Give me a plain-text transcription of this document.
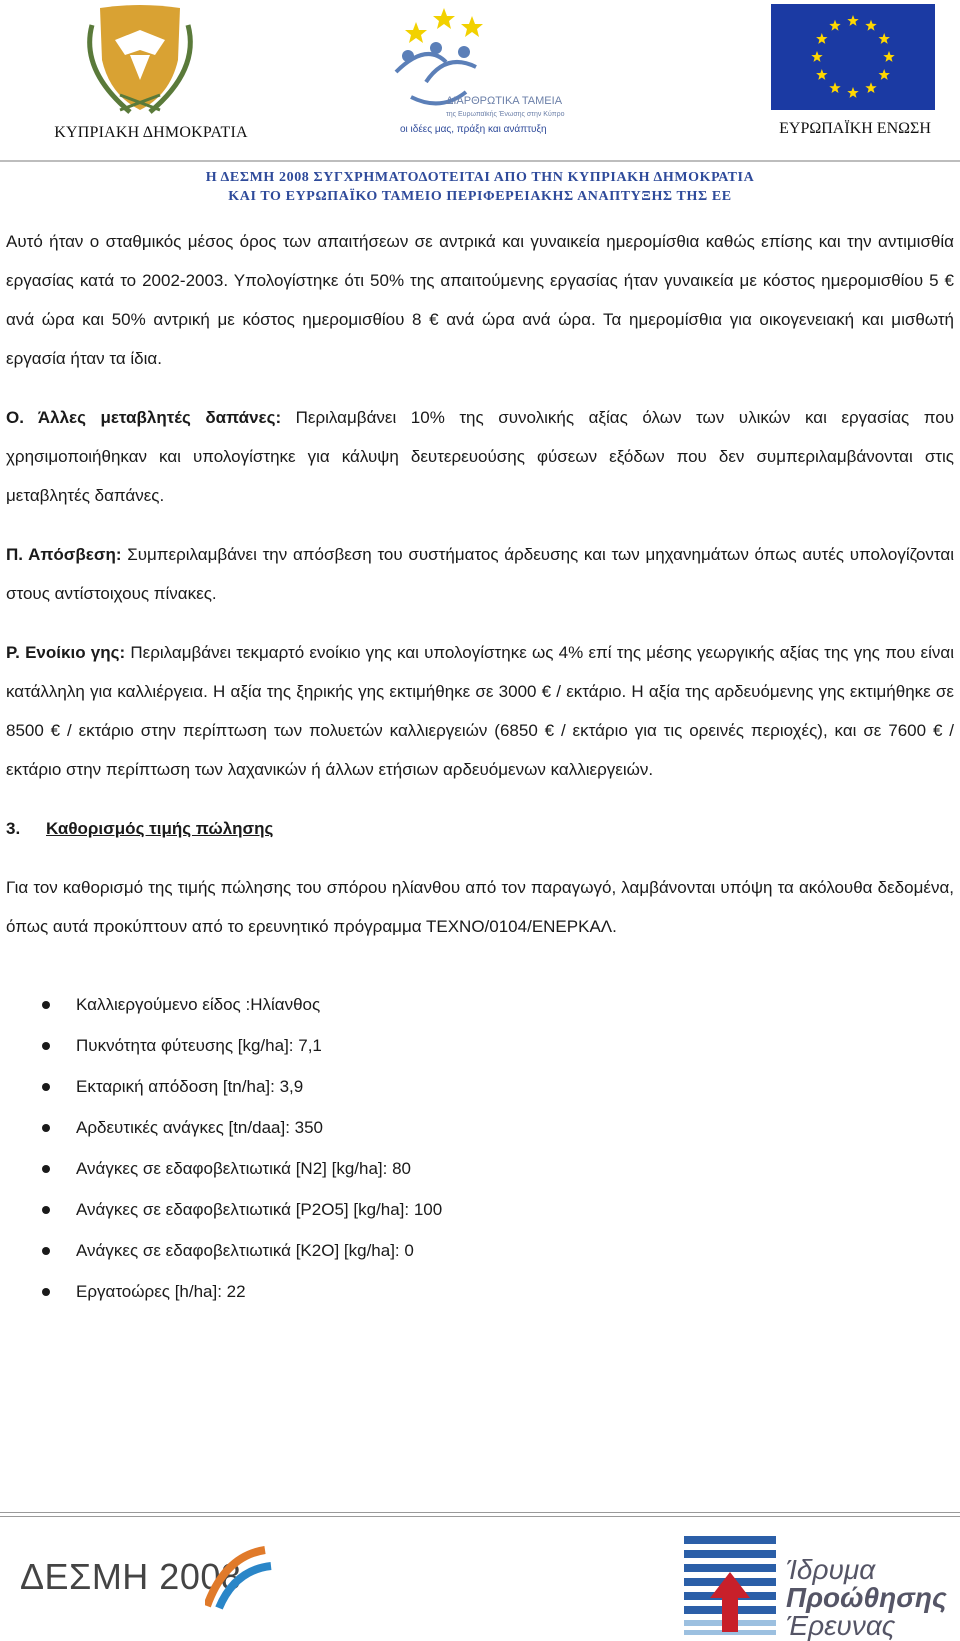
ΚΥΠΡΙΑΚΗ ΔΗΜΟΚΡΑΤΙΑ
ΔΙΑΡΘΡΩΤΙΚΑ ΤΑΜΕΙΑ
της Ευρωπαϊκής Ένωσης στην Κύπρο
οι ιδέες μας, πράξη και ανάπτυξη	ΕΥΡΩΠΑΪΚΗ ΕΝΩΣΗ
Η ΔΕΣΜΗ 2008 ΣΥΓΧΡΗΜΑΤΟΔΟΤΕΙΤΑΙ ΑΠΟ ΤΗΝ ΚΥΠΡΙΑΚΗ ΔΗΜΟΚΡΑΤΙΑ
ΚΑΙ ΤΟ ΕΥΡΩΠΑΪΚΟ ΤΑΜΕΙΟ ΠΕΡΙΦΕΡΕΙΑΚΗΣ ΑΝΑΠΤΥΞΗΣ ΤΗΣ ΕΕ

Αυτό ήταν ο σταθμικός μέσος όρος των απαιτήσεων σε αντρικά και γυναικεία ημερομίσθια καθώς επίσης και την αντιμισθία εργασίας κατά το 2002-2003. Υπολογίστηκε ότι 50% της απαιτούμενης εργασίας ήταν γυναικεία με κόστος ημερομισθίου 5 € ανά ώρα και 50% αντρική με κόστος ημερομισθίου 8 € ανά ώρα ανά ώρα. Τα ημερομίσθια για οικογενειακή και μισθωτή εργασία ήταν τα ίδια.

Ο. Άλλες μεταβλητές δαπάνες: Περιλαμβάνει 10% της συνολικής αξίας όλων των υλικών και εργασίας που χρησιμοποιήθηκαν και υπολογίστηκε για κάλυψη δευτερευούσης φύσεων εξόδων που δεν συμπεριλαμβάνονται στις μεταβλητές δαπάνες.

Π. Απόσβεση: Συμπεριλαμβάνει την απόσβεση του συστήματος άρδευσης και των μηχανημάτων όπως αυτές υπολογίζονται στους αντίστοιχους πίνακες.

Ρ. Ενοίκιο γης: Περιλαμβάνει τεκμαρτό ενοίκιο γης και υπολογίστηκε ως 4% επί της μέσης γεωργικής αξίας της γης που είναι κατάλληλη για καλλιέργεια. Η αξία της ξηρικής γης εκτιμήθηκε σε 3000 € / εκτάριο. Η αξία της αρδευόμενης γης εκτιμήθηκε σε 8500 € / εκτάριο στην περίπτωση των πολυετών καλλιεργειών (6850 € / εκτάριο για τις ορεινές περιοχές), και σε 7600 € / εκτάριο στην περίπτωση των λαχανικών ή άλλων ετήσιων αρδευόμενων καλλιεργειών.

3. Καθορισμός τιμής πώλησης

Για τον καθορισμό της τιμής πώλησης του σπόρου ηλίανθου από τον παραγωγό, λαμβάνονται υπόψη τα ακόλουθα δεδομένα, όπως αυτά προκύπτουν από το ερευνητικό πρόγραμμα ΤΕΧΝΟ/0104/ΕΝΕΡΚΑΛ.

Καλλιεργούμενο είδος :Ηλίανθος
Πυκνότητα φύτευσης [kg/ha]: 7,1
Εκταρική απόδοση [tn/ha]: 3,9
Αρδευτικές ανάγκες [tn/daa]: 350
Ανάγκες σε εδαφοβελτιωτικά [N2] [kg/ha]: 80
Ανάγκες σε εδαφοβελτιωτικά [P2O5] [kg/ha]: 100
Ανάγκες σε εδαφοβελτιωτικά [K2O] [kg/ha]: 0
Εργατοώρες [h/ha]: 22
ΔΕΣΜΗ 2008	Ίδρυμα
Προώθησης
Έρευνας
